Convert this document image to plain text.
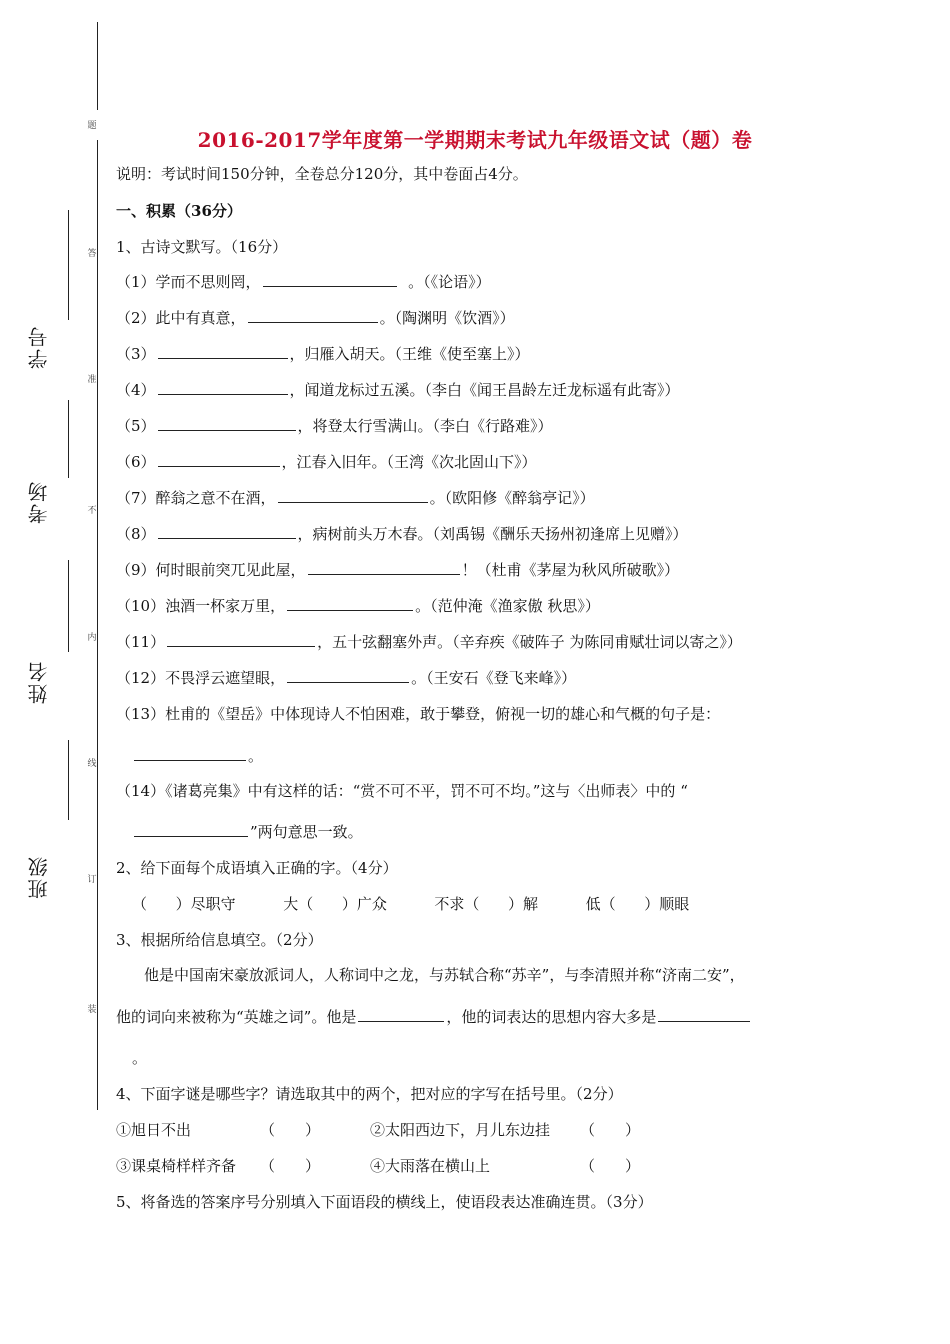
题
答
准
不
内
线
订
装
学号
考场
姓名
班级
2016-2017学年度第一学期期末考试九年级语文试（题）卷
说明：考试时间150分钟，全卷总分120分，其中卷面占4分。
一、积累（36分）
1、古诗文默写。（16分）
（1）学而不思则罔，	。（《论语》）
（2）此中有真意，	。（陶渊明《饮酒》）
（3）	，归雁入胡天。（王维《使至塞上》）
（4）	，闻道龙标过五溪。（李白《闻王昌龄左迁龙标遥有此寄》）
（5）	，将登太行雪满山。（李白《行路难》）
（6）	，江春入旧年。（王湾《次北固山下》）
（7）醉翁之意不在酒，	。（欧阳修《醉翁亭记》）
（8）	，病树前头万木春。（刘禹锡《酬乐天扬州初逢席上见赠》）
（9）何时眼前突兀见此屋，	！（杜甫《茅屋为秋风所破歌》）
（10）浊酒一杯家万里，	。（范仲淹《渔家傲 秋思》）
（11）	，五十弦翻塞外声。（辛弃疾《破阵子 为陈同甫赋壮词以寄之》）
（12）不畏浮云遮望眼，	。（王安石《登飞来峰》）
（13）杜甫的《望岳》中体现诗人不怕困难，敢于攀登，俯视一切的雄心和气概的句子是：
。
（14）《诸葛亮集》中有这样的话：“赏不可不平，罚不可不均。”这与〈出师表〉中的 “
”两句意思一致。
2、给下面每个成语填入正确的字。（4分）
（ ）尽职守	大（ ）广众	不求（ ）解	低（ ）顺眼
3、根据所给信息填空。（2分）
他是中国南宋豪放派词人，人称词中之龙，与苏轼合称“苏辛”，与李清照并称“济南二安”，
他的词向来被称为“英雄之词”。他是	，他的词表达的思想内容大多是
。
4、下面字谜是哪些字？请选取其中的两个，把对应的字写在括号里。（2分）
①旭日不出	（　　）	②太阳西边下，月儿东边挂 （　　）
③课桌椅样样齐备 （　　）	④大雨落在横山上	（　　）
5、将备选的答案序号分别填入下面语段的横线上，使语段表达准确连贯。（3分）
